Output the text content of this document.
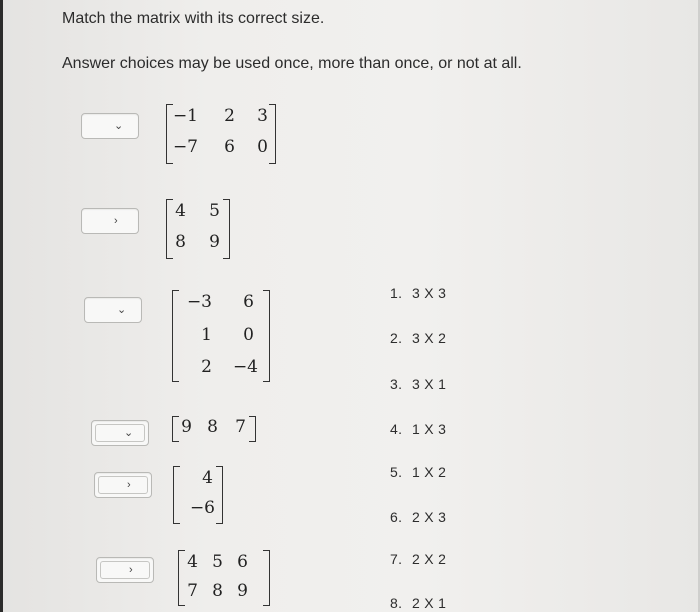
Match the matrix with its correct size.
Answer choices may be used once, more than once, or not at all.
⌄
›
⌄
⌄
›
›
−1	2	3
−7	6	0
4	5
8	9
−3	6
1	0
2 −4
9 8	7
4
−6
4 5 6
7 8 9
1. 3 X 3
2. 3 X 2
3. 3 X 1
4. 1 X 3
5. 1 X 2
6. 2 X 3
7. 2 X 2
8. 2 X 1
